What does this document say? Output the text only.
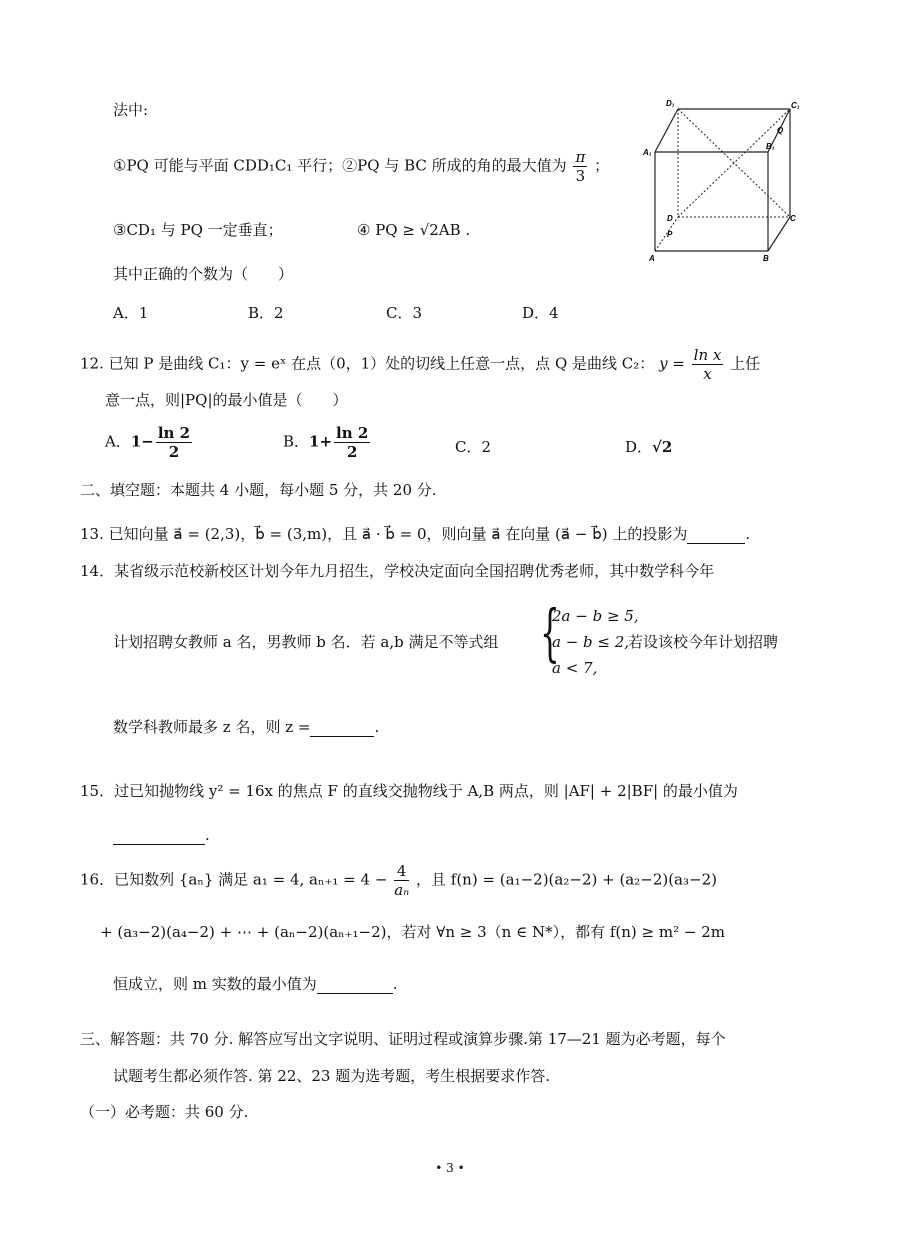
法中:
①PQ 可能与平面 CDD₁C₁ 平行；②PQ 与 BC 所成的角的最大值为 $\frac{\pi}{3}$ ；
③CD₁ 与 PQ 一定垂直；	④ PQ ≥ √2AB .
其中正确的个数为（　　）
A．1	B．2	C．3	D．4
D₁	C₁
A₁
B₁
Q
D	C
P
A	B
12. 已知 P 是曲线 C₁：y = eˣ 在点（0，1）处的切线上任意一点，点 Q 是曲线 C₂： $y = \frac{\text{ln x}}{x}$ 上任
意一点，则|PQ|的最小值是（　　）
A．$1- \frac{\ln 2}{2}$	B．$1+ \frac{\ln 2}{2}$	C．2	D．√2
二、填空题：本题共 4 小题，每小题 5 分，共 20 分.
13. 已知向量 a⃗ = (2,3)，b⃗ = (3,m)，且 a⃗ · b⃗ = 0，则向量 a⃗ 在向量 (a⃗ − b⃗) 上的投影为	.
14．某省级示范校新校区计划今年九月招生，学校决定面向全国招聘优秀老师，其中数学科今年
计划招聘女教师 a 名，男教师 b 名．若 a,b 满足不等式组 {
2a − b ≥ 5,
a − b ≤ 2,
a < 7,
若设该校今年计划招聘
数学科教师最多 z 名，则 z =	.
15．过已知抛物线 y² = 16x 的焦点 F 的直线交抛物线于 A,B 两点，则 |AF| + 2|BF| 的最小值为
.
16．已知数列 {aₙ} 满足 a₁ = 4, $a_{n+1} = 4 - \frac{4}{\text{aₙ}}$ ，且 f(n) = (a₁−2)(a₂−2) + (a₂−2)(a₃−2)
+ (a₃−2)(a₄−2) + ⋯ + (aₙ−2)(aₙ₊₁−2)，若对 ∀n ≥ 3（n ∈ N*），都有 f(n) ≥ m² − 2m
恒成立，则 m 实数的最小值为	.
三、解答题：共 70 分. 解答应写出文字说明、证明过程或演算步骤.第 17—21 题为必考题，每个
试题考生都必须作答. 第 22、23 题为选考题，考生根据要求作答.
（一）必考题：共 60 分.
• 3 •
